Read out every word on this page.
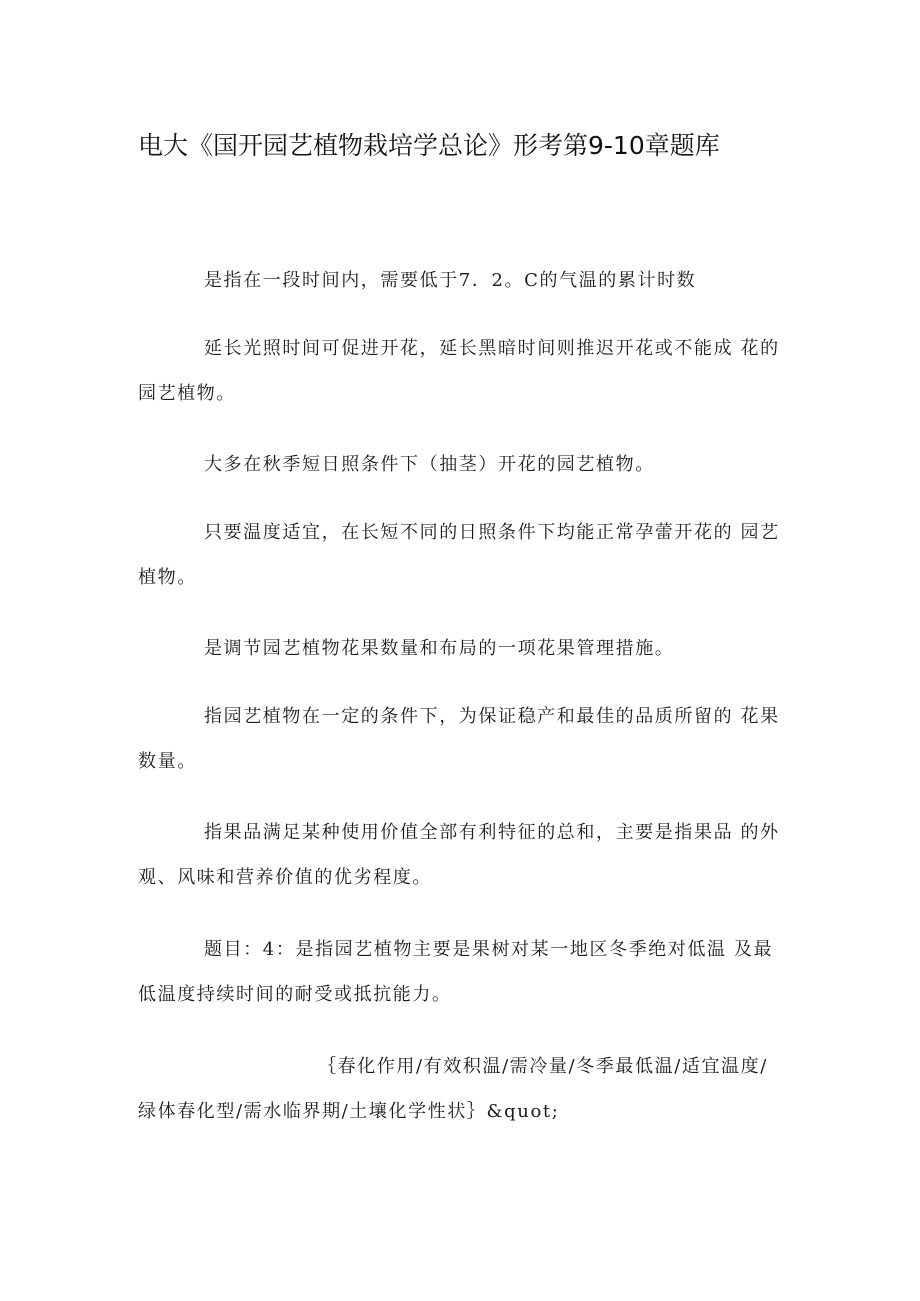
电大《国开园艺植物栽培学总论》形考第9-10章题库

是指在一段时间内，需要低于7．2。C的气温的累计时数

延长光照时间可促进开花，延长黑暗时间则推迟开花或不能成 花的园艺植物。

大多在秋季短日照条件下（抽茎）开花的园艺植物。

只要温度适宜，在长短不同的日照条件下均能正常孕蕾开花的 园艺植物。

是调节园艺植物花果数量和布局的一项花果管理措施。

指园艺植物在一定的条件下，为保证稳产和最佳的品质所留的 花果数量。

指果品满足某种使用价值全部有利特征的总和，主要是指果品 的外观、风味和营养价值的优劣程度。

题目：4：是指园艺植物主要是果树对某一地区冬季绝对低温 及最低温度持续时间的耐受或抵抗能力。

｛春化作用/有效积温/需冷量/冬季最低温/适宜温度/
绿体春化型/需水临界期/土壤化学性状｝&quot;
